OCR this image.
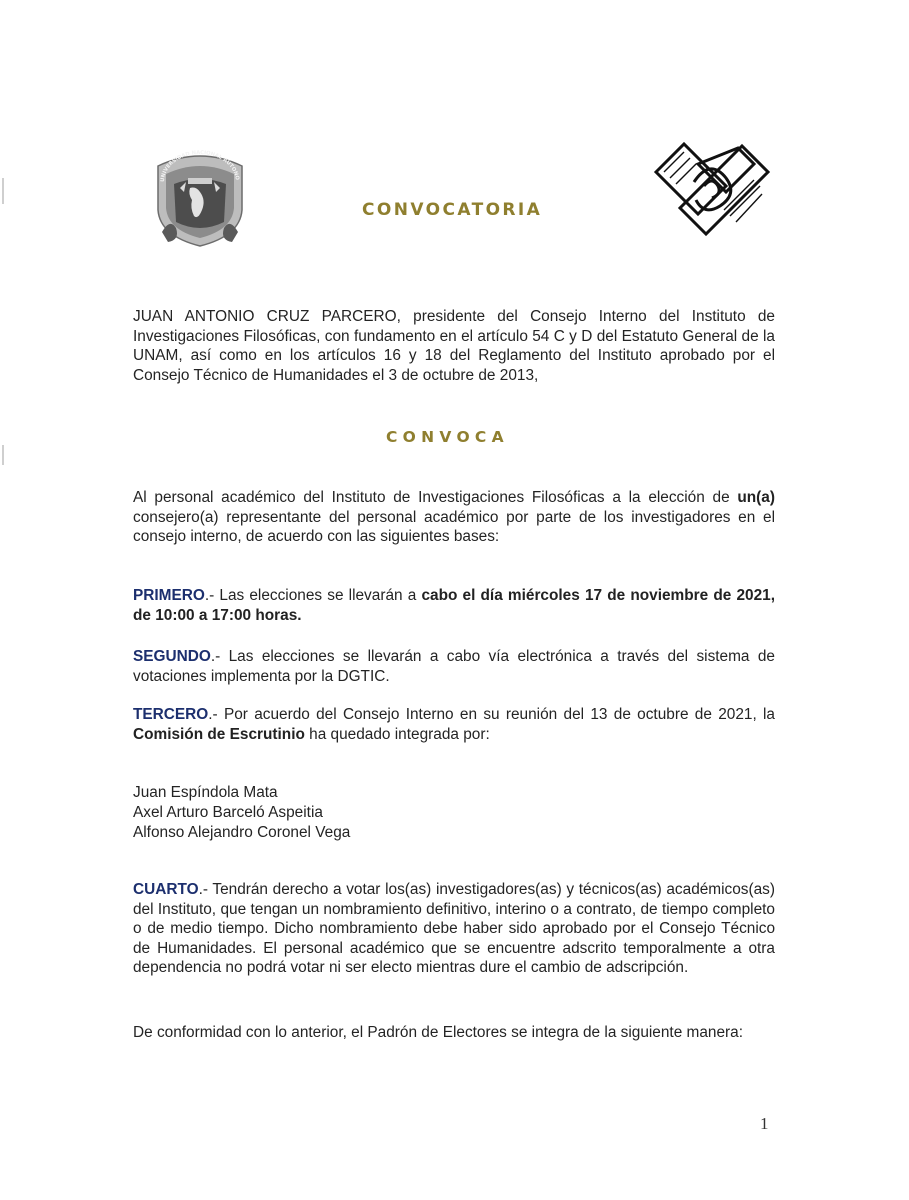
UNIVERSIDAD NACIONAL AUTONO
CONVOCATORIA
JUAN ANTONIO CRUZ PARCERO, presidente del Consejo Interno del Instituto de Investigaciones Filosóficas, con fundamento en el artículo 54 C y D del Estatuto General de la UNAM, así como en los artículos 16 y 18 del Reglamento del Instituto aprobado por el Consejo Técnico de Humanidades el 3 de octubre de 2013,
CONVOCA
Al personal académico del Instituto de Investigaciones Filosóficas a la elección de un(a) consejero(a) representante del personal académico por parte de los investigadores en el consejo interno, de acuerdo con las siguientes bases:
PRIMERO.- Las elecciones se llevarán a cabo el día miércoles 17 de noviembre de 2021, de 10:00 a 17:00 horas.
SEGUNDO.- Las elecciones se llevarán a cabo vía electrónica a través del sistema de votaciones implementa por la DGTIC.
TERCERO.- Por acuerdo del Consejo Interno en su reunión del 13 de octubre de 2021, la Comisión de Escrutinio ha quedado integrada por:
Juan Espíndola Mata
Axel Arturo Barceló Aspeitia
Alfonso Alejandro Coronel Vega
CUARTO.- Tendrán derecho a votar los(as) investigadores(as) y técnicos(as) académicos(as) del Instituto, que tengan un nombramiento definitivo, interino o a contrato, de tiempo completo o de medio tiempo. Dicho nombramiento debe haber sido aprobado por el Consejo Técnico de Humanidades. El personal académico que se encuentre adscrito temporalmente a otra dependencia no podrá votar ni ser electo mientras dure el cambio de adscripción.
De conformidad con lo anterior, el Padrón de Electores se integra de la siguiente manera:
1
